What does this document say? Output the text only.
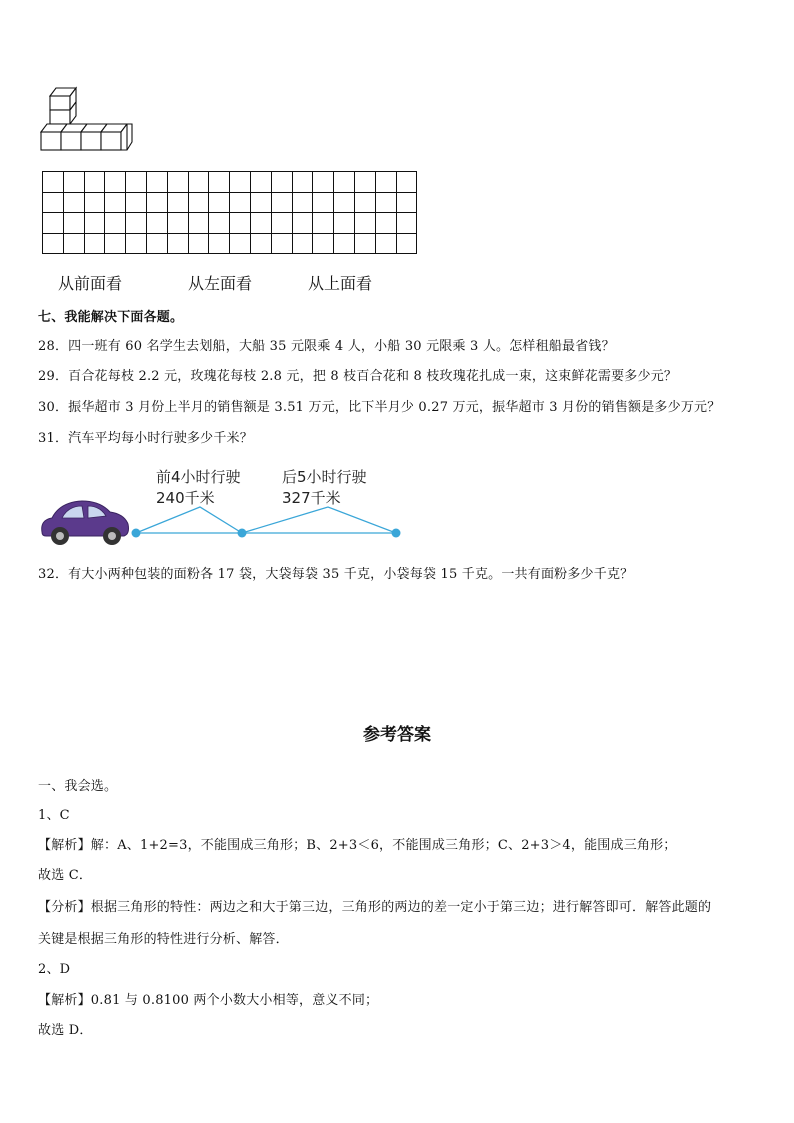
从前面看	从左面看	从上面看
七、我能解决下面各题。
28．四一班有 60 名学生去划船，大船 35 元限乘 4 人，小船 30 元限乘 3 人。怎样租船最省钱？
29．百合花每枝 2.2 元，玫瑰花每枝 2.8 元，把 8 枝百合花和 8 枝玫瑰花扎成一束，这束鲜花需要多少元？
30．振华超市 3 月份上半月的销售额是 3.51 万元，比下半月少 0.27 万元，振华超市 3 月份的销售额是多少万元？
31．汽车平均每小时行驶多少千米？
前4小时行驶
240千米
后5小时行驶
327千米
32．有大小两种包装的面粉各 17 袋，大袋每袋 35 千克，小袋每袋 15 千克。一共有面粉多少千克？
参考答案
一、我会选。
1、C
【解析】解：A、1+2=3，不能围成三角形；B、2+3＜6，不能围成三角形；C、2+3＞4，能围成三角形；
故选 C．
【分析】根据三角形的特性：两边之和大于第三边，三角形的两边的差一定小于第三边；进行解答即可．解答此题的
关键是根据三角形的特性进行分析、解答．
2、D
【解析】0.81 与 0.8100 两个小数大小相等，意义不同；
故选 D．
